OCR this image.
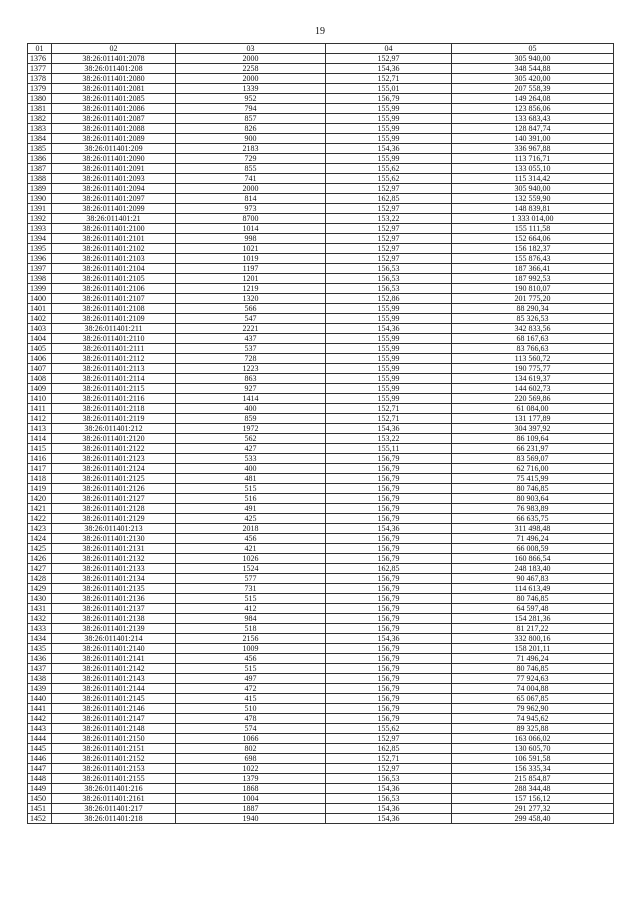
19
01	02	03	04	05
1376	38:26:011401:2078	2000	152,97	305 940,00
1377	38:26:011401:208	2258	154,36	348 544,88
1378	38:26:011401:2080	2000	152,71	305 420,00
1379	38:26:011401:2081	1339	155,01	207 558,39
1380	38:26:011401:2085	952	156,79	149 264,08
1381	38:26:011401:2086	794	155,99	123 856,06
1382	38:26:011401:2087	857	155,99	133 683,43
1383	38:26:011401:2088	826	155,99	128 847,74
1384	38:26:011401:2089	900	155,99	140 391,00
1385	38:26:011401:209	2183	154,36	336 967,88
1386	38:26:011401:2090	729	155,99	113 716,71
1387	38:26:011401:2091	855	155,62	133 055,10
1388	38:26:011401:2093	741	155,62	115 314,42
1389	38:26:011401:2094	2000	152,97	305 940,00
1390	38:26:011401:2097	814	162,85	132 559,90
1391	38:26:011401:2099	973	152,97	148 839,81
1392	38:26:011401:21	8700	153,22	1 333 014,00
1393	38:26:011401:2100	1014	152,97	155 111,58
1394	38:26:011401:2101	998	152,97	152 664,06
1395	38:26:011401:2102	1021	152,97	156 182,37
1396	38:26:011401:2103	1019	152,97	155 876,43
1397	38:26:011401:2104	1197	156,53	187 366,41
1398	38:26:011401:2105	1201	156,53	187 992,53
1399	38:26:011401:2106	1219	156,53	190 810,07
1400	38:26:011401:2107	1320	152,86	201 775,20
1401	38:26:011401:2108	566	155,99	88 290,34
1402	38:26:011401:2109	547	155,99	85 326,53
1403	38:26:011401:211	2221	154,36	342 833,56
1404	38:26:011401:2110	437	155,99	68 167,63
1405	38:26:011401:2111	537	155,99	83 766,63
1406	38:26:011401:2112	728	155,99	113 560,72
1407	38:26:011401:2113	1223	155,99	190 775,77
1408	38:26:011401:2114	863	155,99	134 619,37
1409	38:26:011401:2115	927	155,99	144 602,73
1410	38:26:011401:2116	1414	155,99	220 569,86
1411	38:26:011401:2118	400	152,71	61 084,00
1412	38:26:011401:2119	859	152,71	131 177,89
1413	38:26:011401:212	1972	154,36	304 397,92
1414	38:26:011401:2120	562	153,22	86 109,64
1415	38:26:011401:2122	427	155,11	66 231,97
1416	38:26:011401:2123	533	156,79	83 569,07
1417	38:26:011401:2124	400	156,79	62 716,00
1418	38:26:011401:2125	481	156,79	75 415,99
1419	38:26:011401:2126	515	156,79	80 746,85
1420	38:26:011401:2127	516	156,79	80 903,64
1421	38:26:011401:2128	491	156,79	76 983,89
1422	38:26:011401:2129	425	156,79	66 635,75
1423	38:26:011401:213	2018	154,36	311 498,48
1424	38:26:011401:2130	456	156,79	71 496,24
1425	38:26:011401:2131	421	156,79	66 008,59
1426	38:26:011401:2132	1026	156,79	160 866,54
1427	38:26:011401:2133	1524	162,85	248 183,40
1428	38:26:011401:2134	577	156,79	90 467,83
1429	38:26:011401:2135	731	156,79	114 613,49
1430	38:26:011401:2136	515	156,79	80 746,85
1431	38:26:011401:2137	412	156,79	64 597,48
1432	38:26:011401:2138	984	156,79	154 281,36
1433	38:26:011401:2139	518	156,79	81 217,22
1434	38:26:011401:214	2156	154,36	332 800,16
1435	38:26:011401:2140	1009	156,79	158 201,11
1436	38:26:011401:2141	456	156,79	71 496,24
1437	38:26:011401:2142	515	156,79	80 746,85
1438	38:26:011401:2143	497	156,79	77 924,63
1439	38:26:011401:2144	472	156,79	74 004,88
1440	38:26:011401:2145	415	156,79	65 067,85
1441	38:26:011401:2146	510	156,79	79 962,90
1442	38:26:011401:2147	478	156,79	74 945,62
1443	38:26:011401:2148	574	155,62	89 325,88
1444	38:26:011401:2150	1066	152,97	163 066,02
1445	38:26:011401:2151	802	162,85	130 605,70
1446	38:26:011401:2152	698	152,71	106 591,58
1447	38:26:011401:2153	1022	152,97	156 335,34
1448	38:26:011401:2155	1379	156,53	215 854,87
1449	38:26:011401:216	1868	154,36	288 344,48
1450	38:26:011401:2161	1004	156,53	157 156,12
1451	38:26:011401:217	1887	154,36	291 277,32
1452	38:26:011401:218	1940	154,36	299 458,40
